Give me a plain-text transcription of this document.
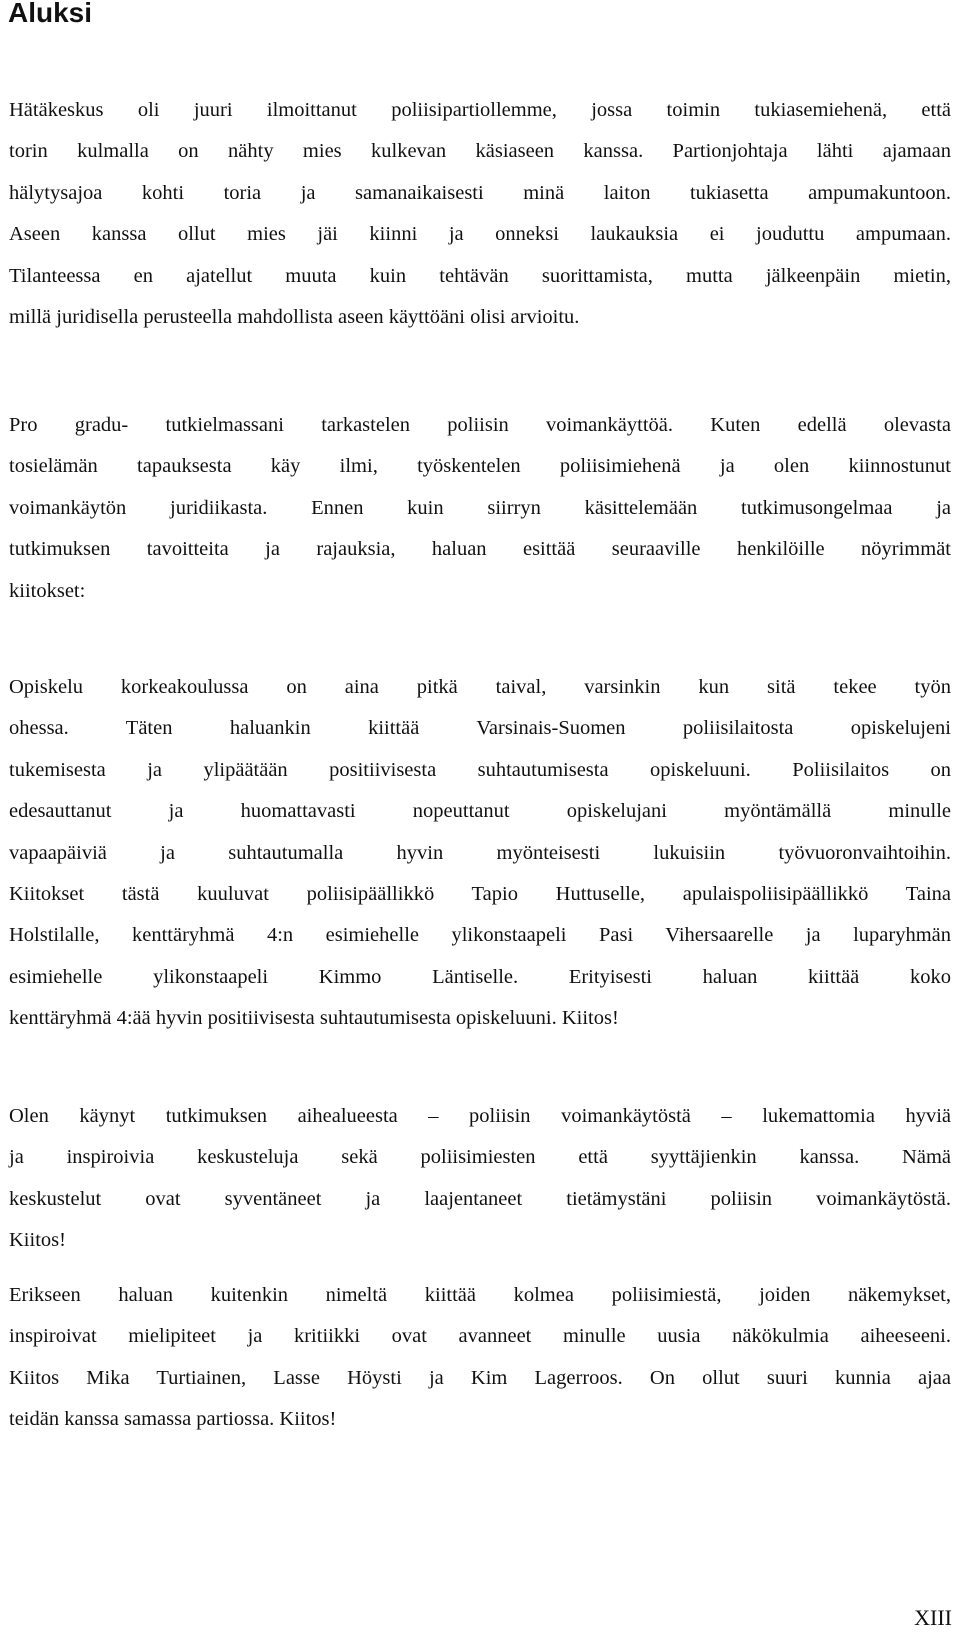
Aluksi
Hätäkeskus oli juuri ilmoittanut poliisipartiollemme, jossa toimin tukiasemiehenä, että
torin kulmalla on nähty mies kulkevan käsiaseen kanssa. Partionjohtaja lähti ajamaan
hälytysajoa kohti toria ja samanaikaisesti minä laiton tukiasetta ampumakuntoon.
Aseen kanssa ollut mies jäi kiinni ja onneksi laukauksia ei jouduttu ampumaan.
Tilanteessa en ajatellut muuta kuin tehtävän suorittamista, mutta jälkeenpäin mietin,
millä juridisella perusteella mahdollista aseen käyttöäni olisi arvioitu.
Pro gradu- tutkielmassani tarkastelen poliisin voimankäyttöä. Kuten edellä olevasta
tosielämän tapauksesta käy ilmi, työskentelen poliisimiehenä ja olen kiinnostunut
voimankäytön juridiikasta. Ennen kuin siirryn käsittelemään tutkimusongelmaa ja
tutkimuksen tavoitteita ja rajauksia, haluan esittää seuraaville henkilöille nöyrimmät
kiitokset:
Opiskelu korkeakoulussa on aina pitkä taival, varsinkin kun sitä tekee työn
ohessa. Täten haluankin kiittää Varsinais-Suomen poliisilaitosta opiskelujeni
tukemisesta ja ylipäätään positiivisesta suhtautumisesta opiskeluuni. Poliisilaitos on
edesauttanut ja huomattavasti nopeuttanut opiskelujani myöntämällä minulle
vapaapäiviä ja suhtautumalla hyvin myönteisesti lukuisiin työvuoronvaihtoihin.
Kiitokset tästä kuuluvat poliisipäällikkö Tapio Huttuselle, apulaispoliisipäällikkö Taina
Holstilalle, kenttäryhmä 4:n esimiehelle ylikonstaapeli Pasi Vihersaarelle ja luparyhmän
esimiehelle ylikonstaapeli Kimmo Läntiselle. Erityisesti haluan kiittää koko
kenttäryhmä 4:ää hyvin positiivisesta suhtautumisesta opiskeluuni. Kiitos!
Olen käynyt tutkimuksen aihealueesta – poliisin voimankäytöstä – lukemattomia hyviä
ja inspiroivia keskusteluja sekä poliisimiesten että syyttäjienkin kanssa. Nämä
keskustelut ovat syventäneet ja laajentaneet tietämystäni poliisin voimankäytöstä.
Kiitos!
Erikseen haluan kuitenkin nimeltä kiittää kolmea poliisimiestä, joiden näkemykset,
inspiroivat mielipiteet ja kritiikki ovat avanneet minulle uusia näkökulmia aiheeseeni.
Kiitos Mika Turtiainen, Lasse Höysti ja Kim Lagerroos. On ollut suuri kunnia ajaa
teidän kanssa samassa partiossa. Kiitos!
XIII
